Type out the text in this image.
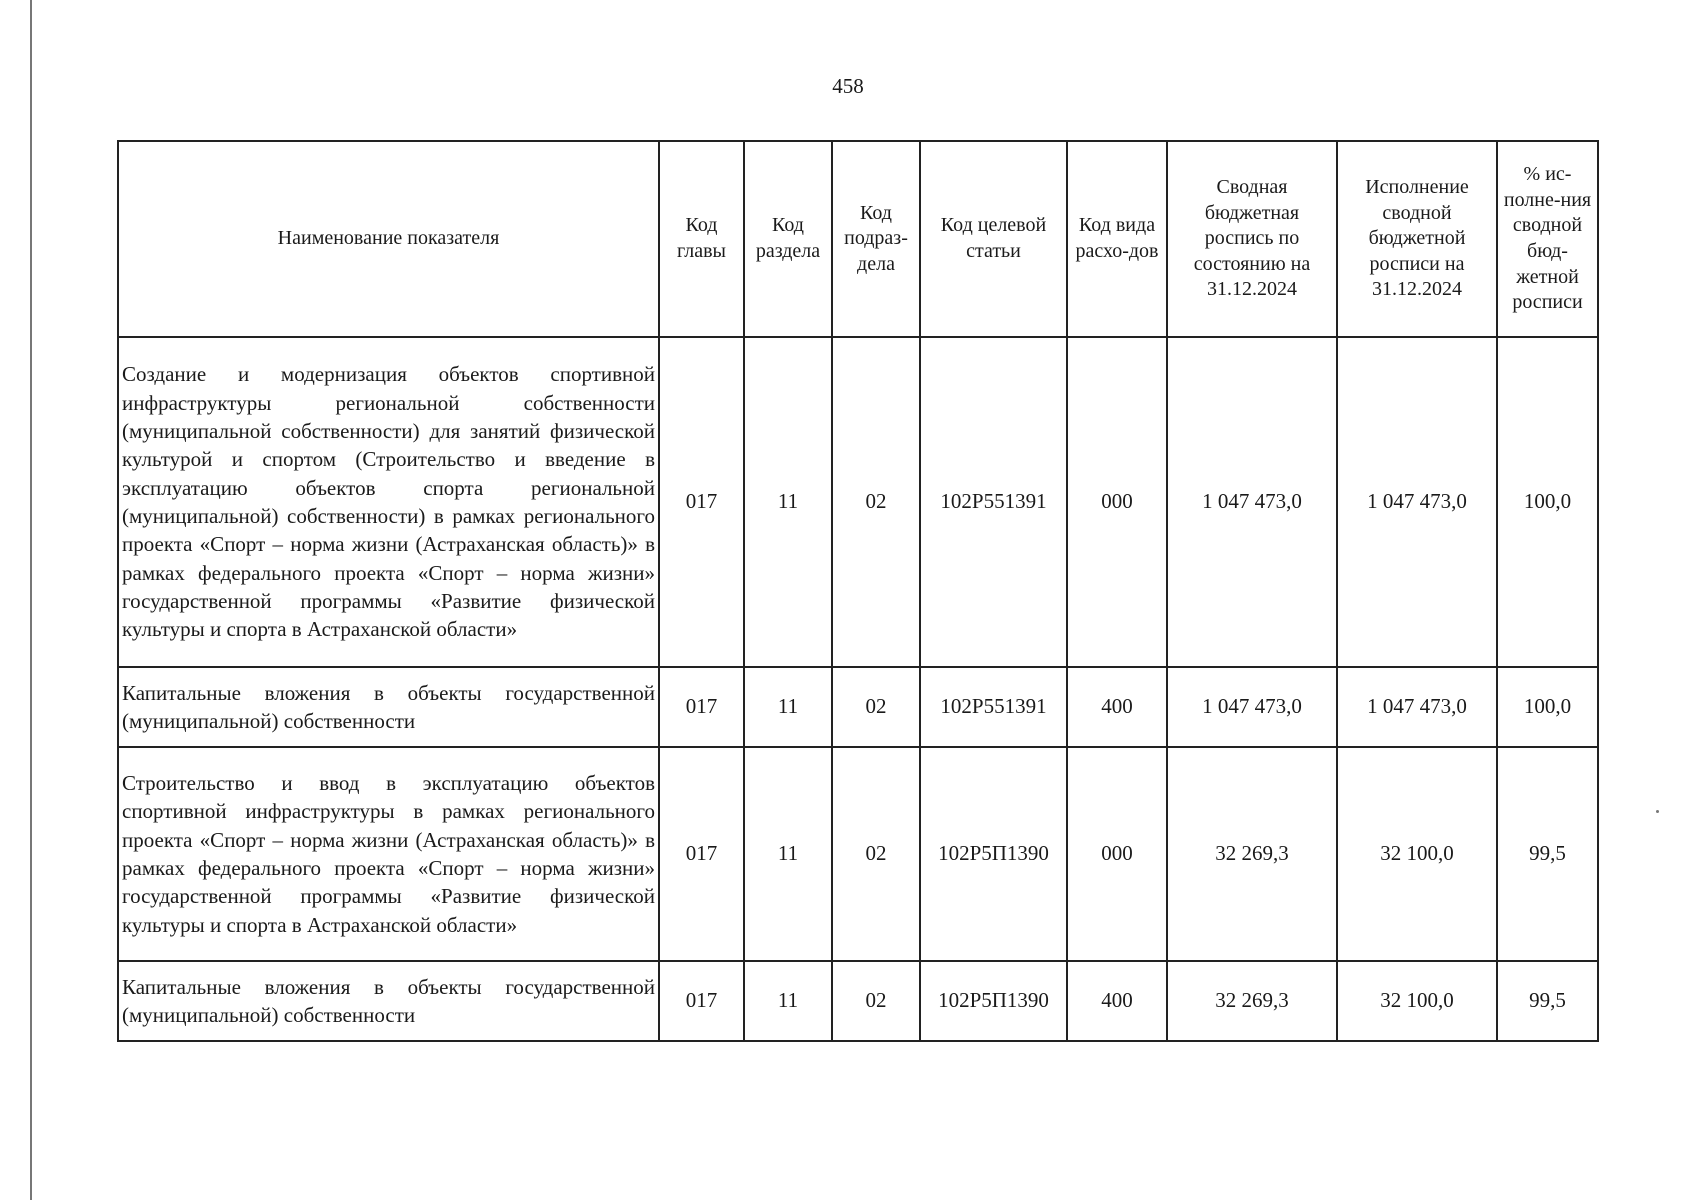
458
Наименование показателя	Код главы	Код раздела	Код подраз-дела	Код целевой статьи	Код вида расхо-дов	Сводная бюджетная роспись по состоянию на 31.12.2024	Исполнение сводной бюджетной росписи на 31.12.2024	% ис-полне-ния сводной бюд-жетной росписи
Создание и модернизация объектов спортивной инфраструктуры региональной собственности (муниципальной собственности) для занятий физической культурой и спортом (Строительство и введение в эксплуатацию объектов спорта региональной (муниципальной) собственности) в рамках регионального проекта «Спорт – норма жизни (Астраханская область)» в рамках федерального проекта «Спорт – норма жизни» государственной программы «Развитие физической культуры и спорта в Астраханской области»	017	11	02	102P551391	000	1 047 473,0	1 047 473,0	100,0
Капитальные вложения в объекты государственной (муниципальной) собственности	017	11	02	102P551391	400	1 047 473,0	1 047 473,0	100,0
Строительство и ввод в эксплуатацию объектов спортивной инфраструктуры в рамках регионального проекта «Спорт – норма жизни (Астраханская область)» в рамках федерального проекта «Спорт – норма жизни» государственной программы «Развитие физической культуры и спорта в Астраханской области»	017	11	02	102P5П1390	000	32 269,3	32 100,0	99,5
Капитальные вложения в объекты государственной (муниципальной) собственности	017	11	02	102P5П1390	400	32 269,3	32 100,0	99,5
